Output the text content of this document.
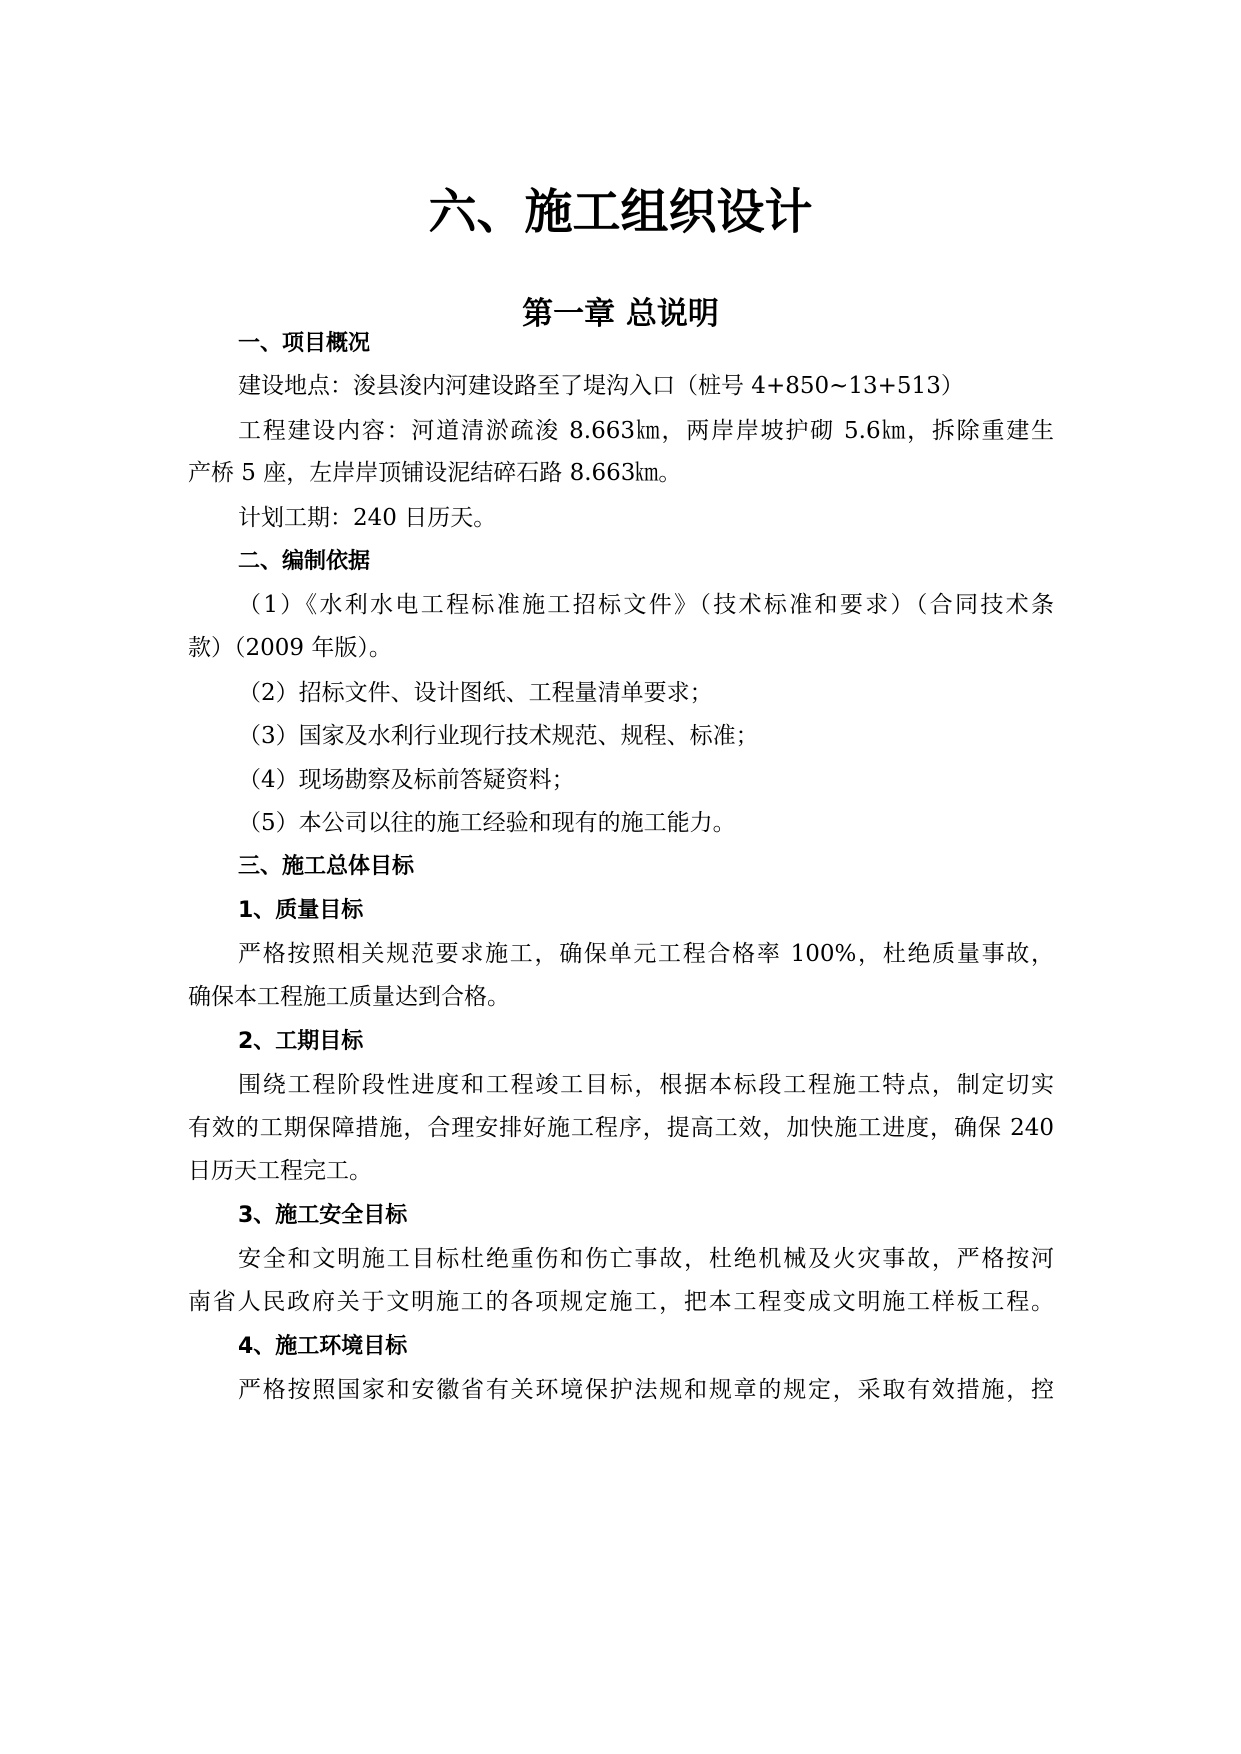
六、施工组织设计
第一章 总说明

一、项目概况

建设地点：浚县浚内河建设路至了堤沟入口（桩号 4+850~13+513）

工程建设内容：河道清淤疏浚 8.663㎞，两岸岸坡护砌 5.6㎞，拆除重建生

产桥 5 座，左岸岸顶铺设泥结碎石路 8.663㎞。

计划工期：240 日历天。

二、编制依据

（1）《水利水电工程标准施工招标文件》（技术标准和要求）（合同技术条

款）（2009 年版）。

（2）招标文件、设计图纸、工程量清单要求；

（3）国家及水利行业现行技术规范、规程、标准；

（4）现场勘察及标前答疑资料；

（5）本公司以往的施工经验和现有的施工能力。

三、施工总体目标

1、质量目标

严格按照相关规范要求施工，确保单元工程合格率 100%，杜绝质量事故，

确保本工程施工质量达到合格。

2、工期目标

围绕工程阶段性进度和工程竣工目标，根据本标段工程施工特点，制定切实

有效的工期保障措施，合理安排好施工程序，提高工效，加快施工进度，确保 240

日历天工程完工。

3、施工安全目标

安全和文明施工目标杜绝重伤和伤亡事故，杜绝机械及火灾事故，严格按河

南省人民政府关于文明施工的各项规定施工，把本工程变成文明施工样板工程。

4、施工环境目标

严格按照国家和安徽省有关环境保护法规和规章的规定，采取有效措施，控
